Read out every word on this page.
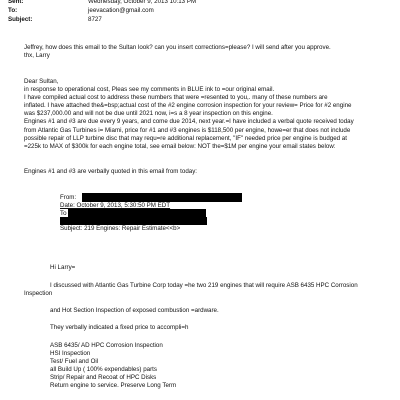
Sent:	Wednesday, October 9, 2013 10:13 PM
To:	jeevacation@gmail.com
Subject:	8727
Jeffrey, how does this email to the Sultan look? can you insert corrections=please? I will send after you approve.
thx, Larry
Dear Sultan,
in response to operational cost, Pleas see my comments in BLUE ink to =our original email.
I have compiled actual cost to address these numbers that were =resented to you,. many of these numbers are
inflated. I have attached the&=bsp;actual cost of the #2 engine corrosion inspection for your review= Price for #2 engine
was $237,000.00 and will not be due until 2021 now, i=s a 8 year inspection on this engine.
Engines #1 and #3 are due every 9 years, and come due 2014, next year.=I have included a verbal quote received today
from Atlantic Gas Turbines i= Miami, price for #1 and #3 engines is $118,500 per engine, howe=er that does not include
possible repair of LLP turbine disc that may requ=re additional replacement, "IF" needed price per engine is budged at
=225k to MAX of $300k for each engine total, see email below: NOT the=$1M per engine your email states below:
Engines #1 and #3 are verbally quoted in this email from today:
From:
Date: October 9, 2013, 5:30:50 PM EDT
To
Subject: 219 Engines: Repair Estimate<<b>
Hi Larry=
I discussed with Atlantic Gas Turbine Corp today =he two 219 engines that will require ASB 6435 HPC Corrosion
Inspection
and Hot Section Inspection of exposed combustion =ardware.
They verbally indicated a fixed price to accompli=h
ASB 6435/ AD HPC Corrosion Inspection
HSI Inspection
Test/ Fuel and Oil
all Build Up ( 100% expendables) parts
Strip/ Repair and Recoat of HPC Disks
Return engine to service. Preserve Long Term
